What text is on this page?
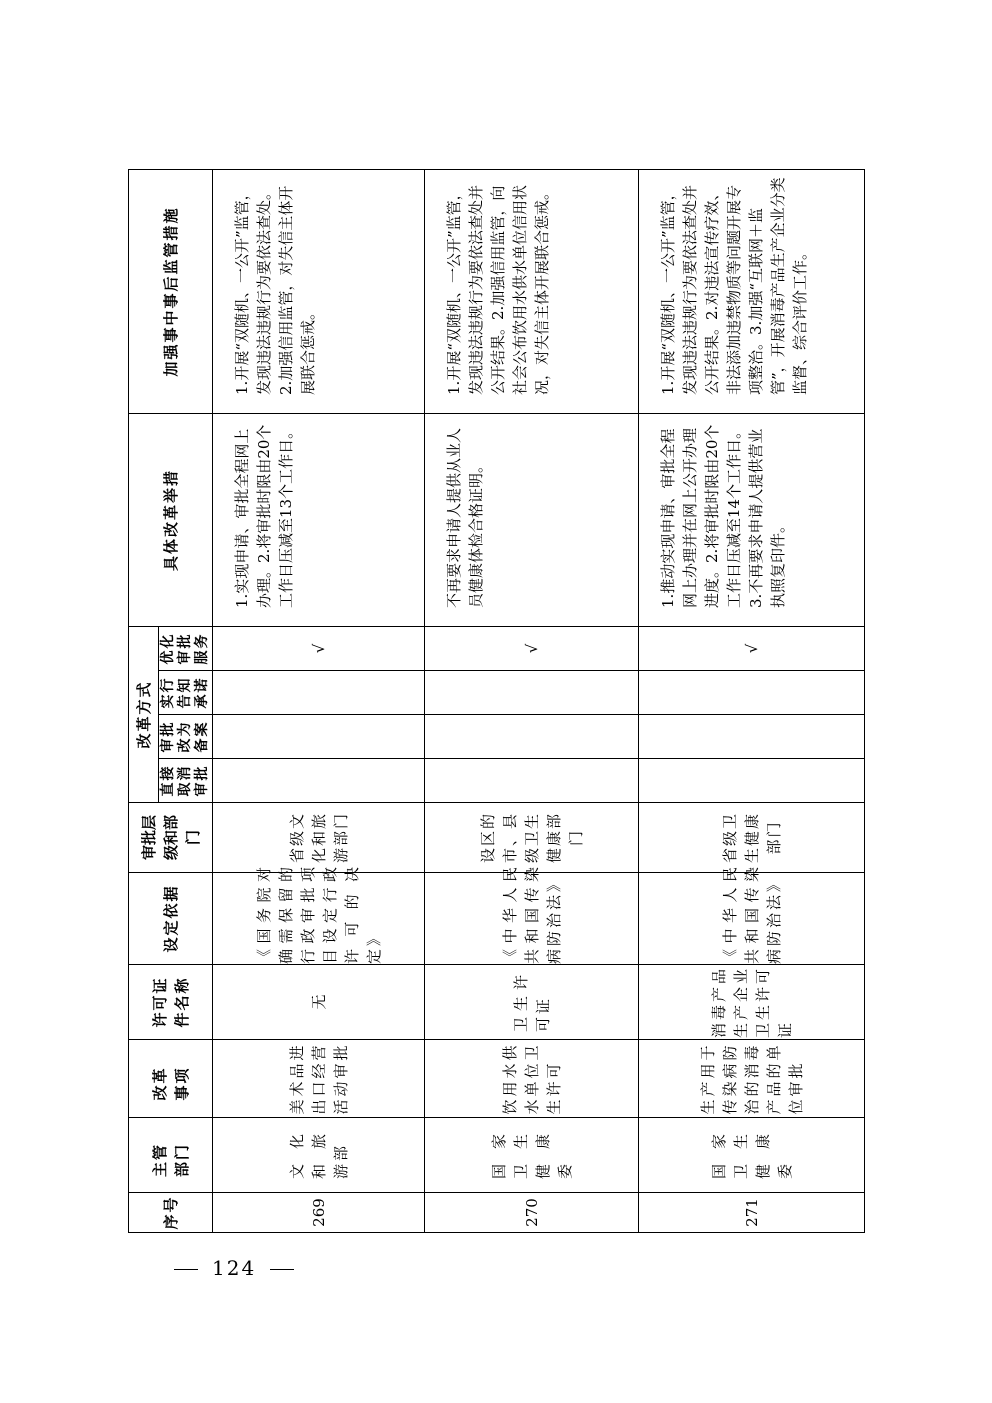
序号	主管部门	改革事项	许可证件名称	设定依据	审批层级和部门	改革方式				具体改革举措	加强事中事后监管措施
						直接取消审批	审批改为备案	实行告知承诺	优化审批服务		
269	文化和旅游部	美术品进出口经营活动审批	无	《国务院对确需保留的行政审批项目设定行政许可的决定》	省级文化和旅游部门				√	1.实现申请、审批全程网上办理。2.将审批时限由20个工作日压减至13个工作日。	1.开展“双随机、一公开”监管，发现违法违规行为要依法查处。2.加强信用监管，对失信主体开展联合惩戒。
270	国家卫生健康委	饮用水供水单位卫生许可	卫生许可证	《中华人民共和国传染病防治法》	设区的市、县级卫生健康部门				√	不再要求申请人提供从业人员健康体检合格证明。	1.开展“双随机、一公开”监管，发现违法违规行为要依法查处并公开结果。2.加强信用监管，向社会公布饮用水供水单位信用状况，对失信主体开展联合惩戒。
271	国家卫生健康委	生产用于传染病防治的消毒产品的单位审批	消毒产品生产企业卫生许可证	《中华人民共和国传染病防治法》	省级卫生健康部门				√	1.推动实现申请、审批全程网上办理并在网上公开办理进度。2.将审批时限由20个工作日压减至14个工作日。3.不再要求申请人提供营业执照复印件。	1.开展“双随机、一公开”监管，发现违法违规行为要依法查处并公开结果。2.对违法宣传疗效、非法添加违禁物质等问题开展专项整治。3.加强“互联网＋监管”，开展消毒产品生产企业分类监督、综合评价工作。
124
